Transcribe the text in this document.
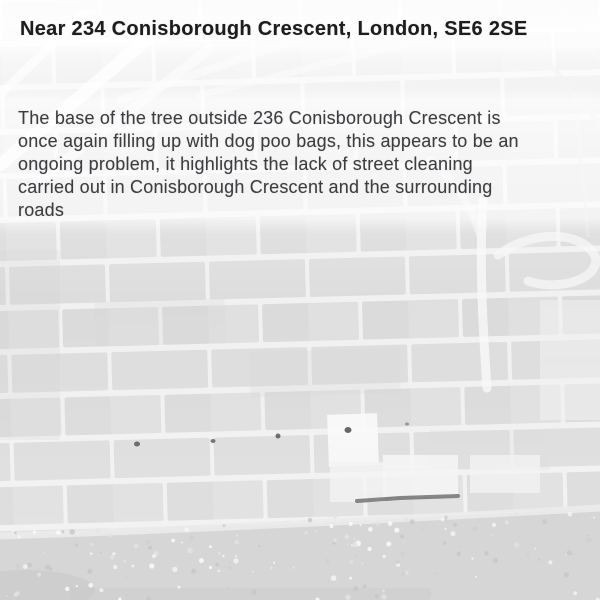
Near 234 Conisborough Crescent, London, SE6 2SE
The base of the tree outside 236 Conisborough Crescent is
once again filling up with dog poo bags, this appears to be an
ongoing problem, it highlights the lack of street cleaning
carried out in Conisborough Crescent and the surrounding
roads
